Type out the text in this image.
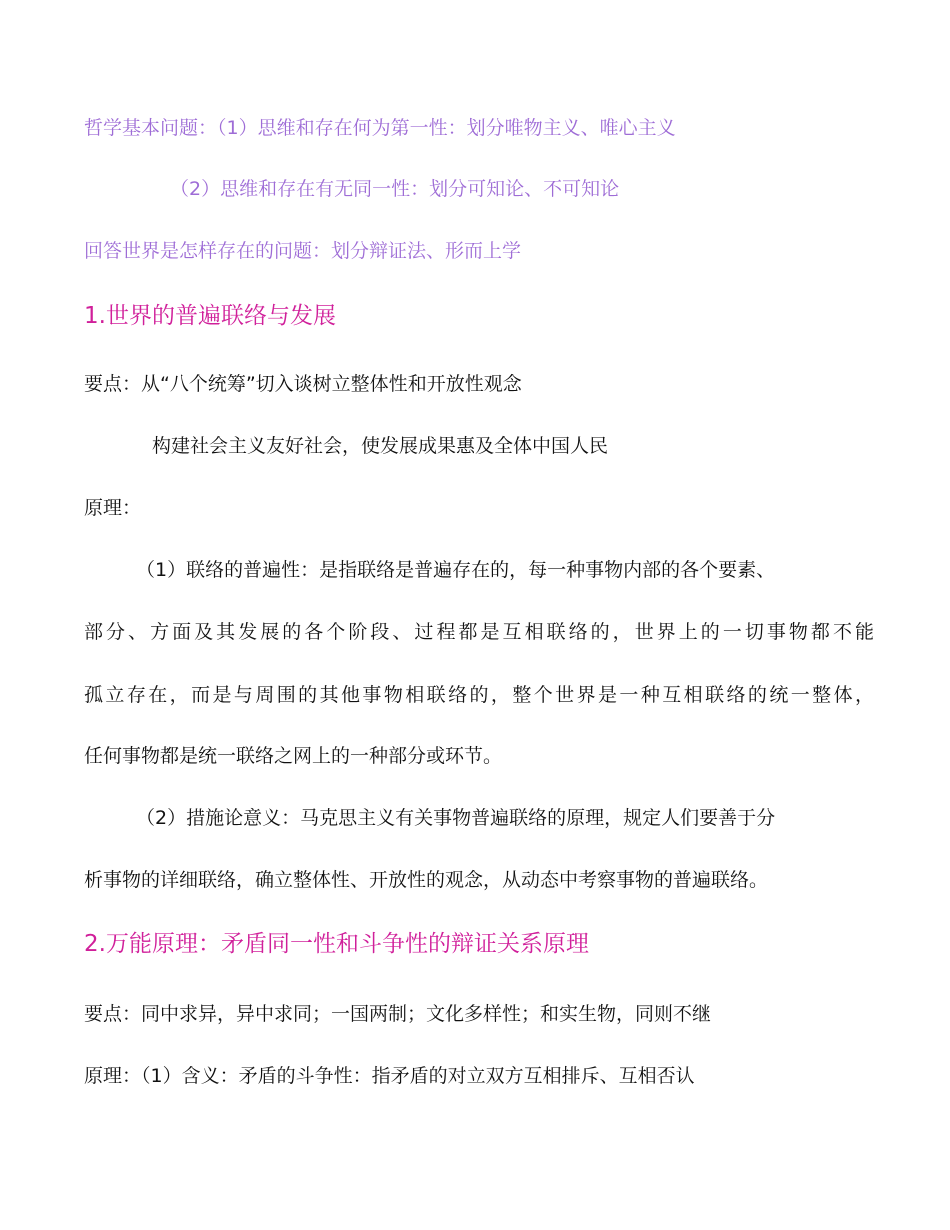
哲学基本问题：（1）思维和存在何为第一性：划分唯物主义、唯心主义
（2）思维和存在有无同一性：划分可知论、不可知论
回答世界是怎样存在的问题：划分辩证法、形而上学
1.世界的普遍联络与发展
要点：从“八个统筹”切入谈树立整体性和开放性观念
构建社会主义友好社会，使发展成果惠及全体中国人民
原理：
（1）联络的普遍性：是指联络是普遍存在的，每一种事物内部的各个要素、
部分、方面及其发展的各个阶段、过程都是互相联络的，世界上的一切事物都不能
孤立存在，而是与周围的其他事物相联络的，整个世界是一种互相联络的统一整体，
任何事物都是统一联络之网上的一种部分或环节。
（2）措施论意义：马克思主义有关事物普遍联络的原理，规定人们要善于分
析事物的详细联络，确立整体性、开放性的观念，从动态中考察事物的普遍联络。
2.万能原理：矛盾同一性和斗争性的辩证关系原理
要点：同中求异，异中求同；一国两制；文化多样性；和实生物，同则不继
原理：（1）含义：矛盾的斗争性：指矛盾的对立双方互相排斥、互相否认
